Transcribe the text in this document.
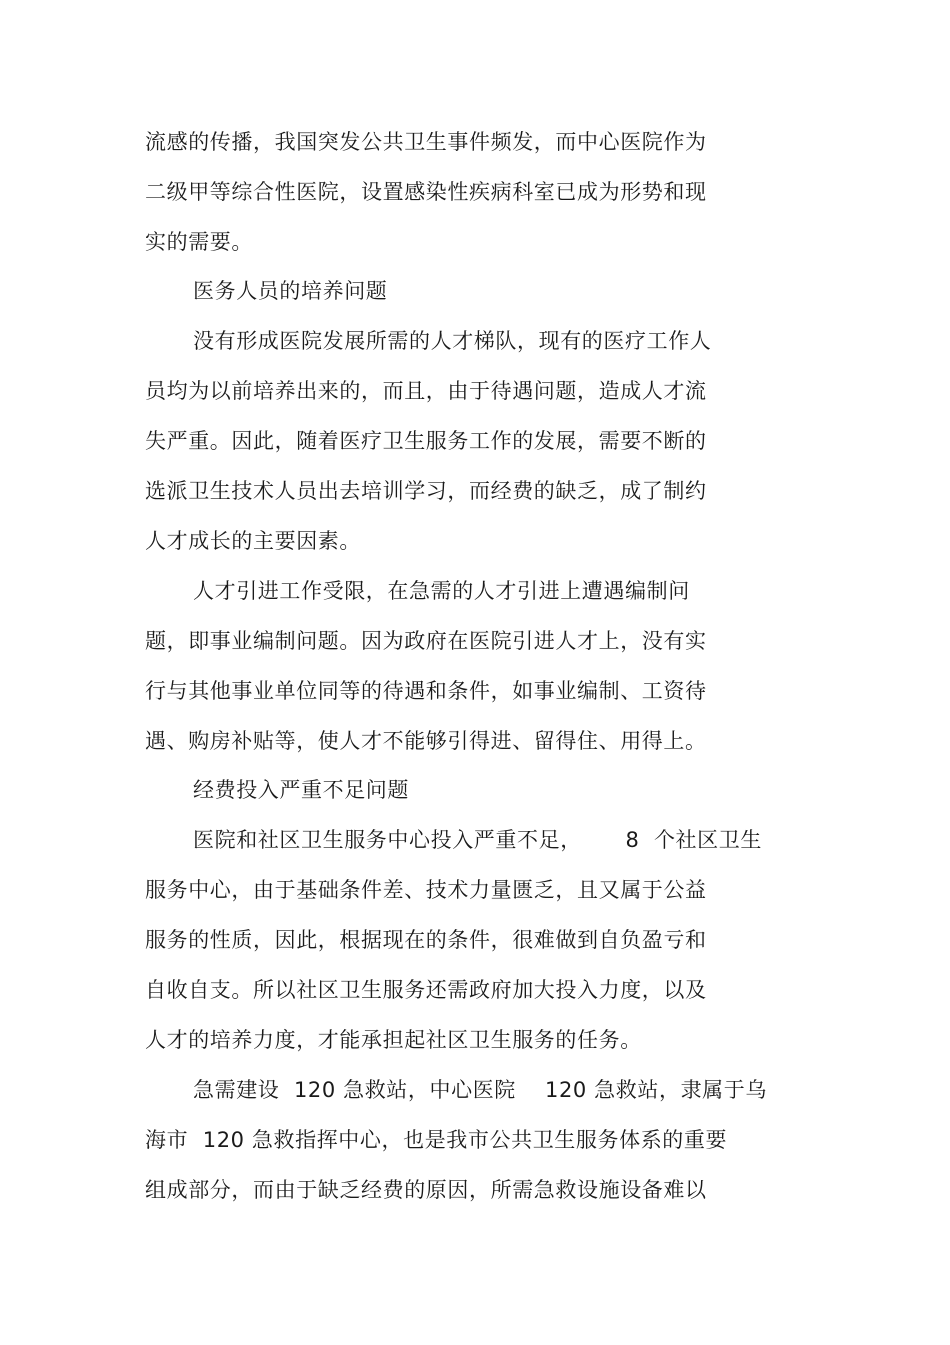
流感的传播，我国突发公共卫生事件频发，而中心医院作为
二级甲等综合性医院，设置感染性疾病科室已成为形势和现
实的需要。
医务人员的培养问题
没有形成医院发展所需的人才梯队，现有的医疗工作人
员均为以前培养出来的，而且，由于待遇问题，造成人才流
失严重。因此，随着医疗卫生服务工作的发展，需要不断的
选派卫生技术人员出去培训学习，而经费的缺乏，成了制约
人才成长的主要因素。
人才引进工作受限，在急需的人才引进上遭遇编制问
题，即事业编制问题。因为政府在医院引进人才上，没有实
行与其他事业单位同等的待遇和条件，如事业编制、工资待
遇、购房补贴等，使人才不能够引得进、留得住、用得上。
经费投入严重不足问题
医院和社区卫生服务中心投入严重不足，      8  个社区卫生
服务中心，由于基础条件差、技术力量匮乏，且又属于公益
服务的性质，因此，根据现在的条件，很难做到自负盈亏和
自收自支。所以社区卫生服务还需政府加大投入力度，以及
人才的培养力度，才能承担起社区卫生服务的任务。
急需建设  120 急救站，中心医院    120 急救站，隶属于乌
海市  120 急救指挥中心，也是我市公共卫生服务体系的重要
组成部分，而由于缺乏经费的原因，所需急救设施设备难以
